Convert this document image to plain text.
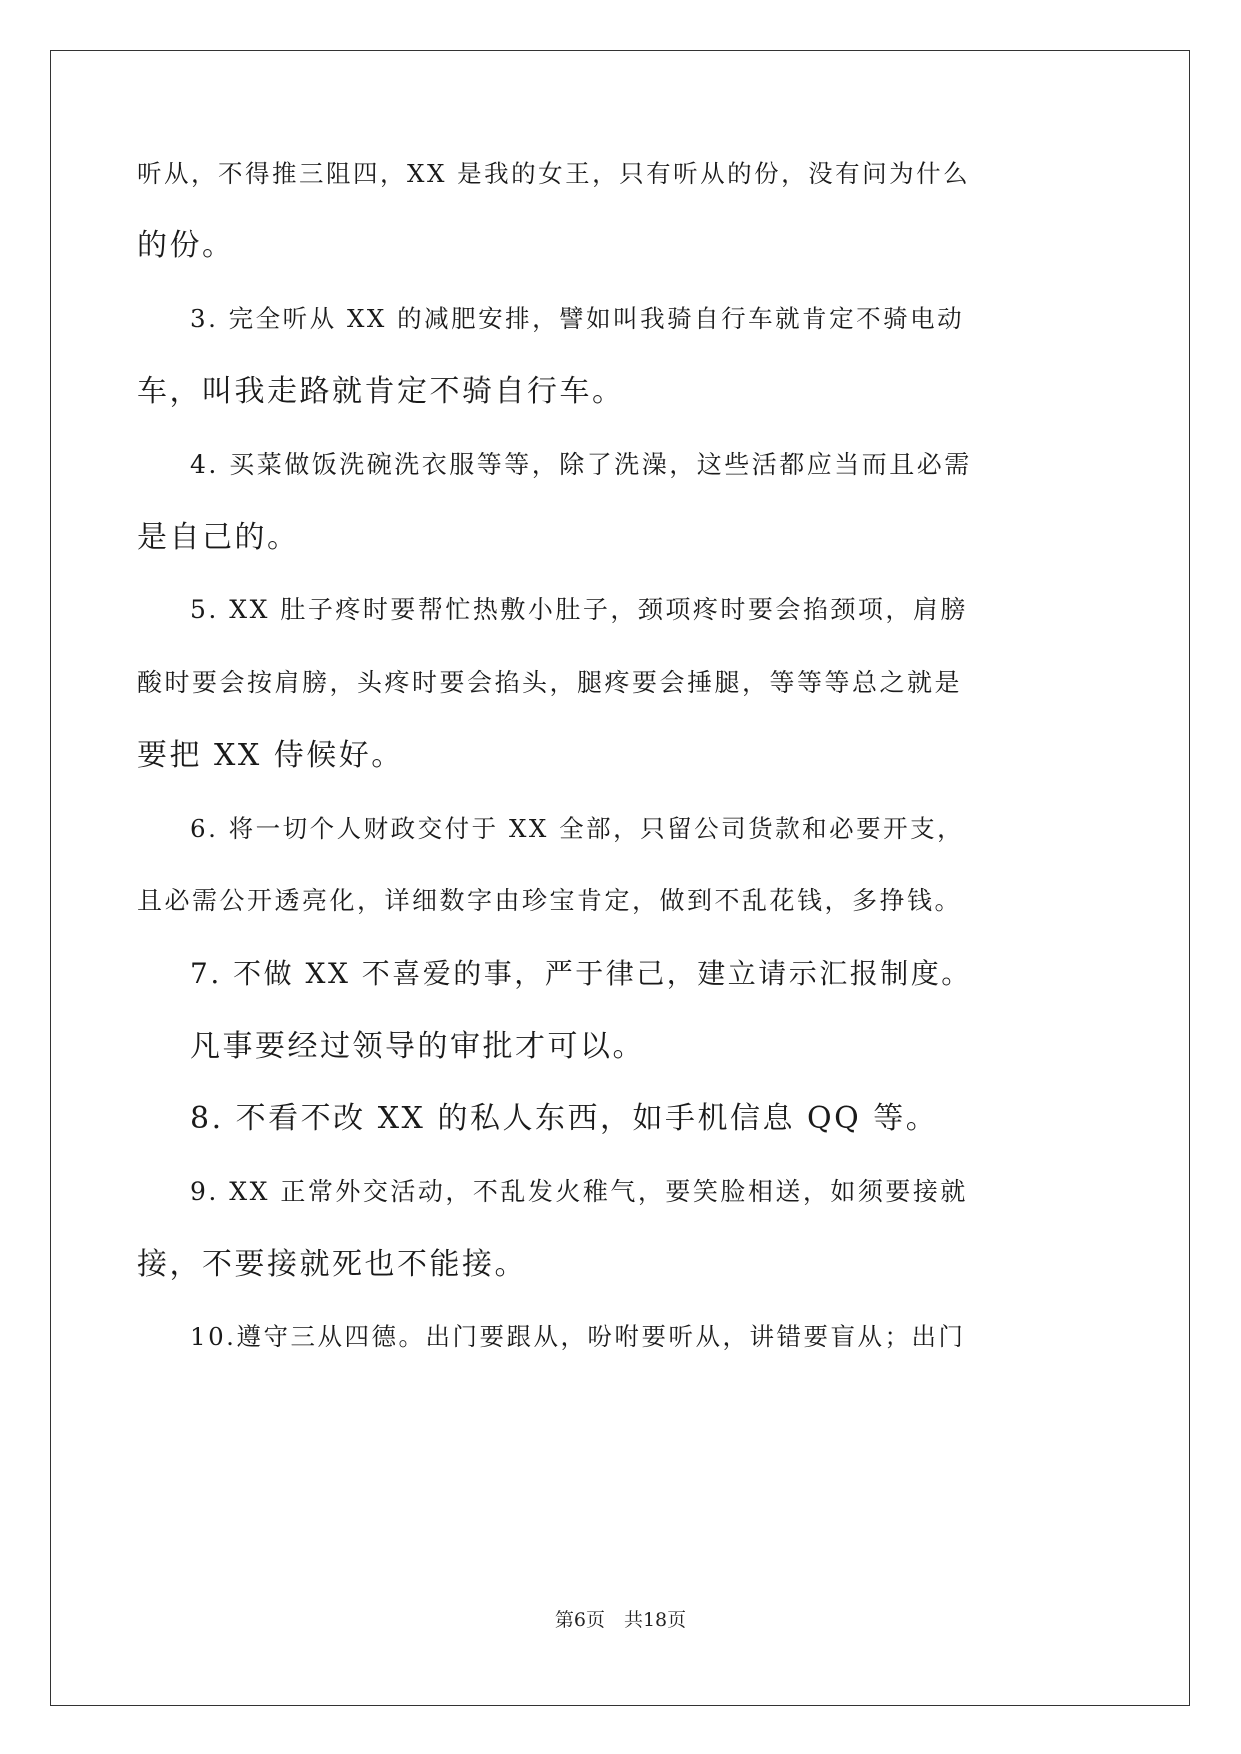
听从，不得推三阻四，XX 是我的女王，只有听从的份，没有问为什么
的份。
3. 完全听从 XX 的减肥安排，譬如叫我骑自行车就肯定不骑电动
车，叫我走路就肯定不骑自行车。
4. 买菜做饭洗碗洗衣服等等，除了洗澡，这些活都应当而且必需
是自己的。
5. XX 肚子疼时要帮忙热敷小肚子，颈项疼时要会掐颈项，肩膀
酸时要会按肩膀，头疼时要会掐头，腿疼要会捶腿，等等等总之就是
要把 XX 侍候好。
6. 将一切个人财政交付于 XX 全部，只留公司货款和必要开支，
且必需公开透亮化，详细数字由珍宝肯定，做到不乱花钱，多挣钱。
7. 不做 XX 不喜爱的事，严于律己，建立请示汇报制度。
凡事要经过领导的审批才可以。
8. 不看不改 XX 的私人东西，如手机信息 QQ 等。
9. XX 正常外交活动，不乱发火稚气，要笑脸相送，如须要接就
接，不要接就死也不能接。
10.遵守三从四德。出门要跟从，吩咐要听从，讲错要盲从；出门
第6页　共18页
